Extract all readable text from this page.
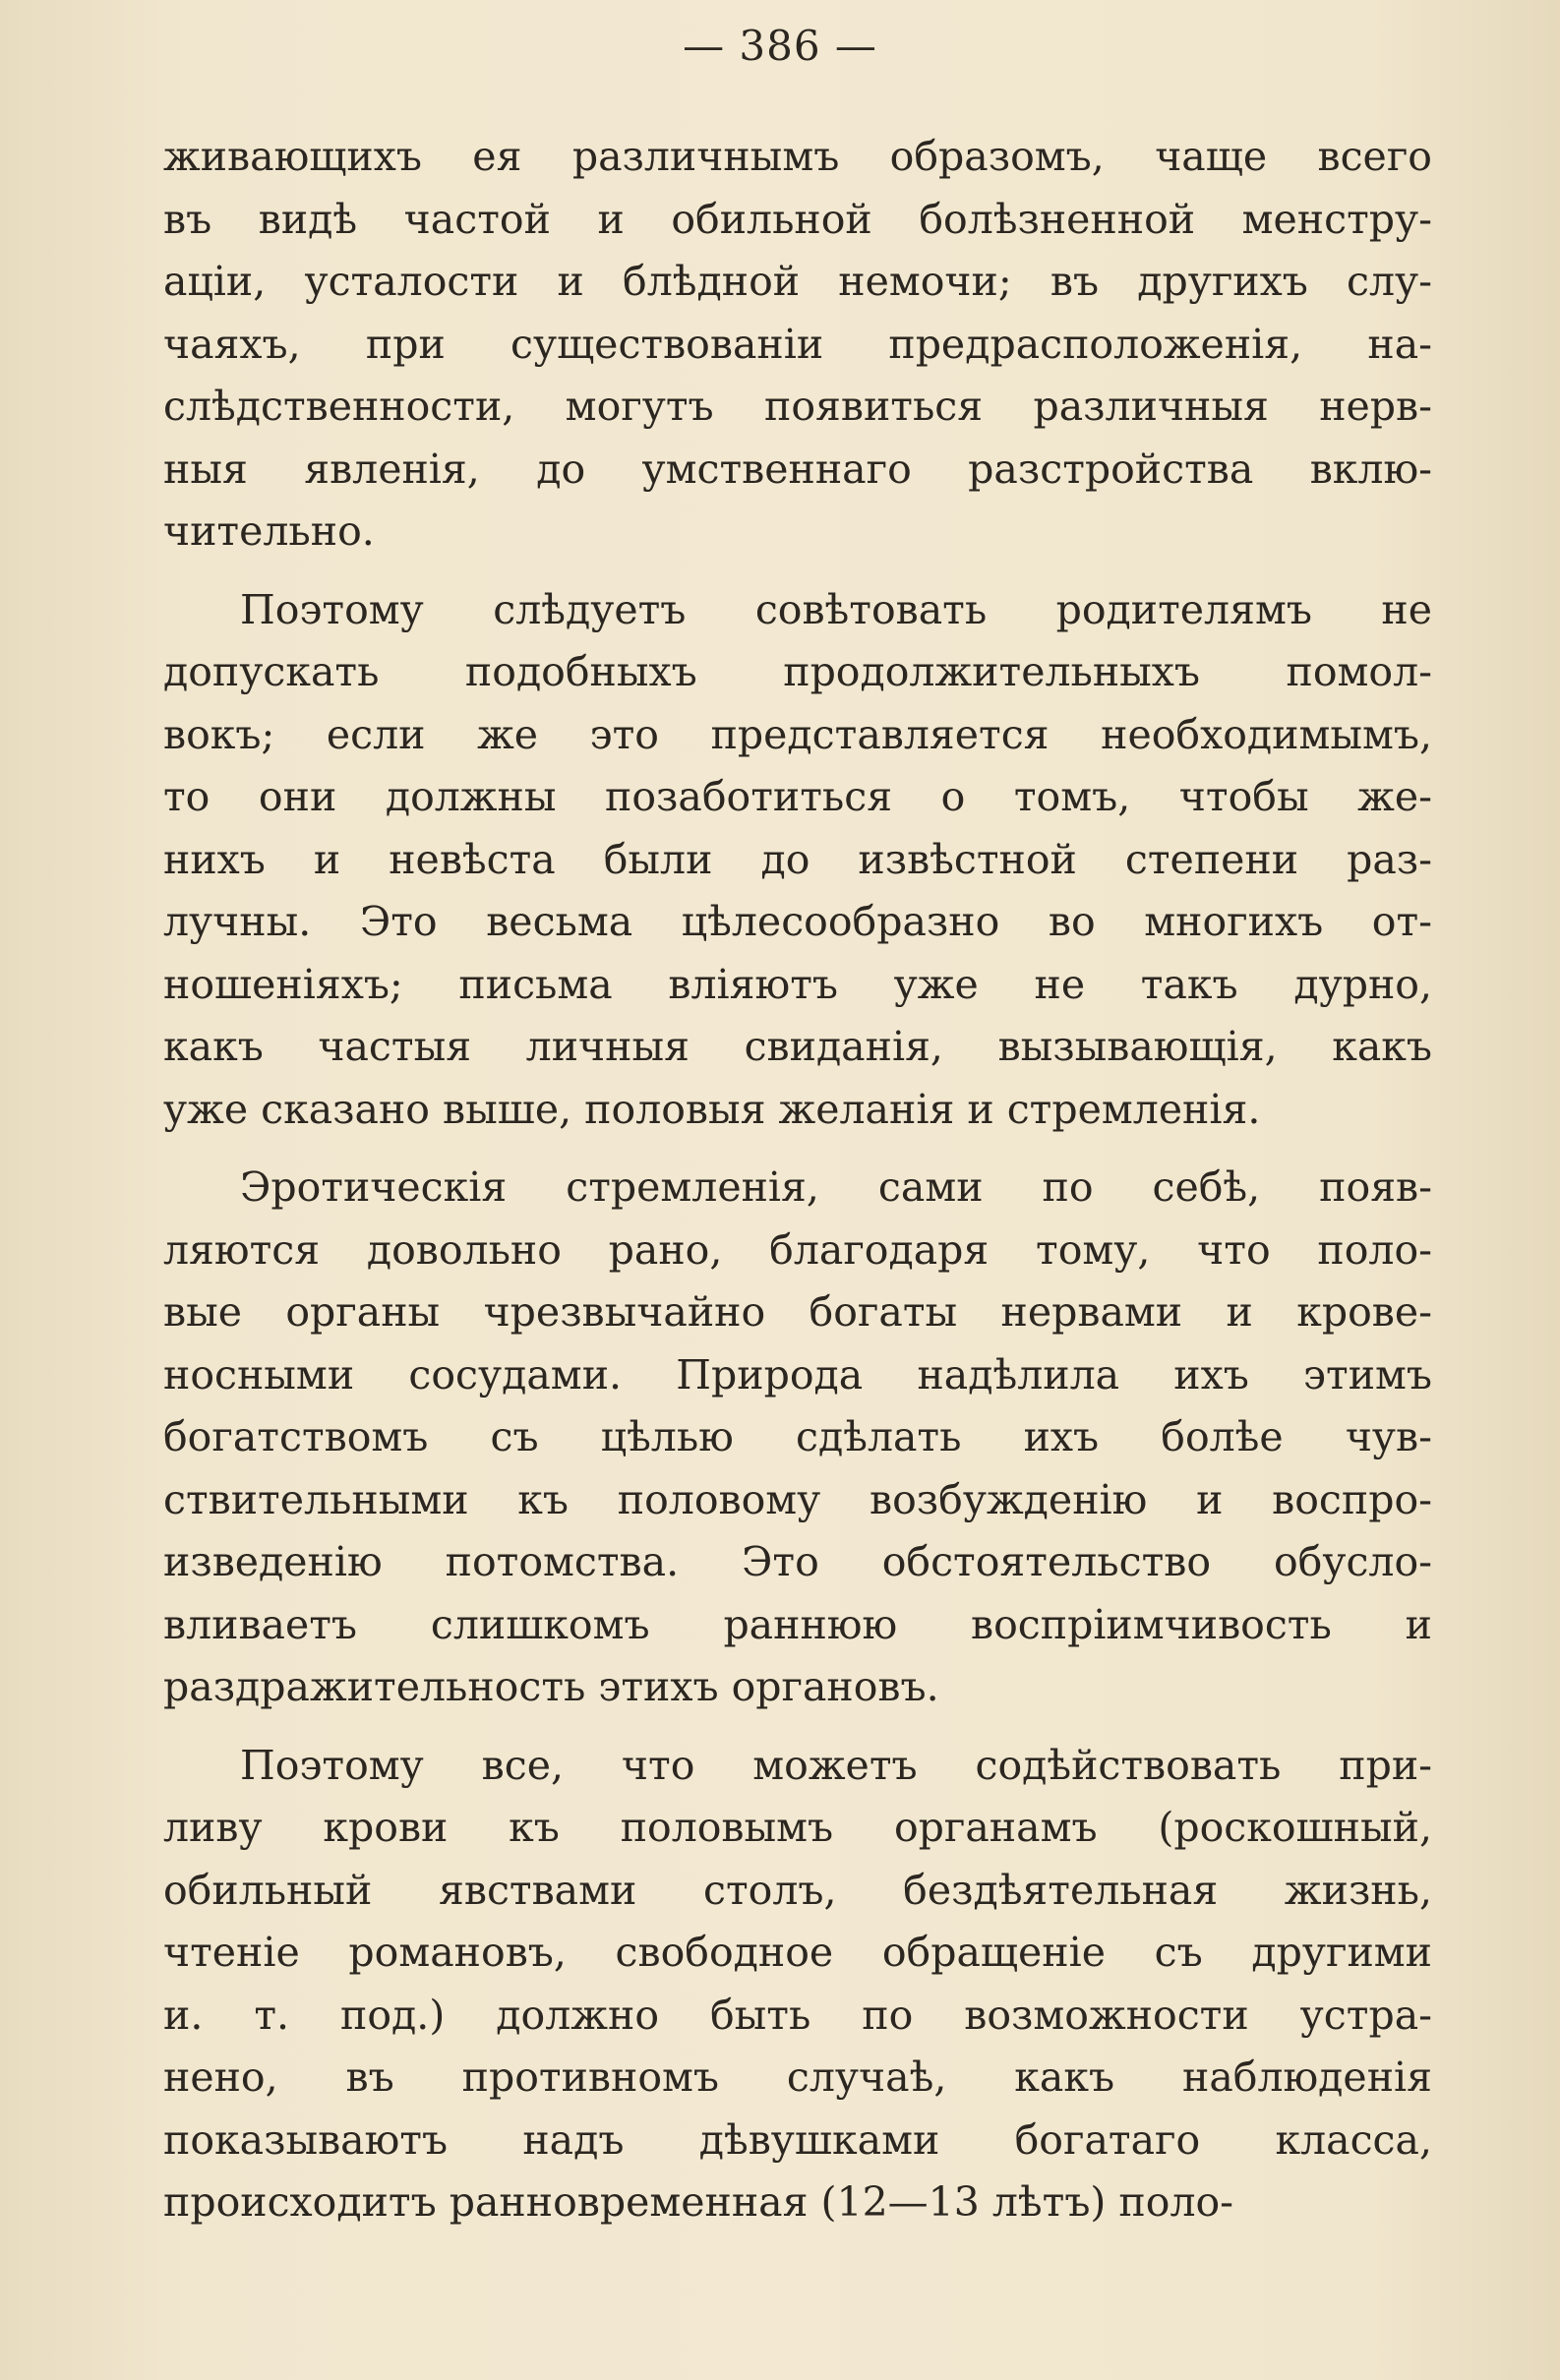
— 386 —
живающихъ ея различнымъ образомъ, чаще всего
въ видѣ частой и обильной болѣзненной менстру-
аціи, усталости и блѣдной немочи; въ другихъ слу-
чаяхъ, при существованіи предрасположенія, на-
слѣдственности, могутъ появиться различныя нерв-
ныя явленія, до умственнаго разстройства вклю-
чительно.
Поэтому слѣдуетъ совѣтовать родителямъ не
допускать подобныхъ продолжительныхъ помол-
вокъ; если же это представляется необходимымъ,
то они должны позаботиться о томъ, чтобы же-
нихъ и невѣста были до извѣстной степени раз-
лучны. Это весьма цѣлесообразно во многихъ от-
ношеніяхъ; письма вліяютъ уже не такъ дурно,
какъ частыя личныя свиданія, вызывающія, какъ
уже сказано выше, половыя желанія и стремленія.
Эротическія стремленія, сами по себѣ, появ-
ляются довольно рано, благодаря тому, что поло-
вые органы чрезвычайно богаты нервами и крове-
носными сосудами. Природа надѣлила ихъ этимъ
богатствомъ съ цѣлью сдѣлать ихъ болѣе чув-
ствительными къ половому возбужденію и воспро-
изведенію потомства. Это обстоятельство обусло-
вливаетъ слишкомъ раннюю воспріимчивость и
раздражительность этихъ органовъ.
Поэтому все, что можетъ содѣйствовать при-
ливу крови къ половымъ органамъ (роскошный,
обильный явствами столъ, бездѣятельная жизнь,
чтеніе романовъ, свободное обращеніе съ другими
и. т. под.) должно быть по возможности устра-
нено, въ противномъ случаѣ, какъ наблюденія
показываютъ надъ дѣвушками богатаго класса,
происходитъ ранновременная (12—13 лѣтъ) поло-
